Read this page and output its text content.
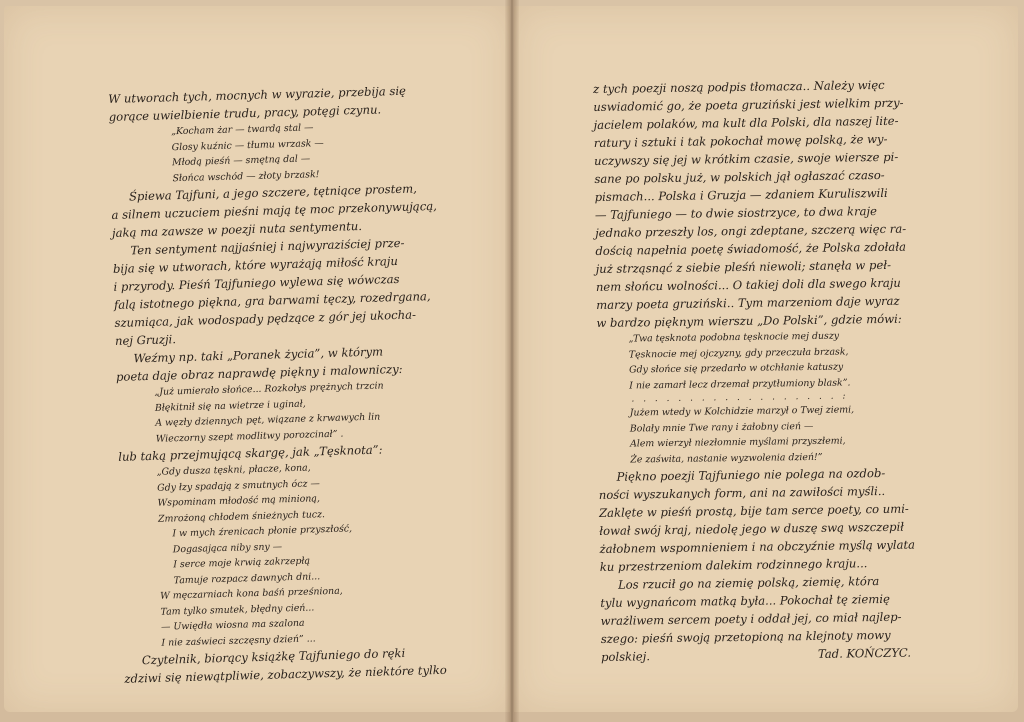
W utworach tych, mocnych w wyrazie, przebija się
gorące uwielbienie trudu, pracy, potęgi czynu.
„Kocham żar — twardą stal —
Glosy kuźnic — tłumu wrzask —
Młodą pieśń — smętną dal —
Słońca wschód — złoty brzask!
Śpiewa Tajfuni, a jego szczere, tętniące prostem,
a silnem uczuciem pieśni mają tę moc przekonywującą,
jaką ma zawsze w poezji nuta sentymentu.
Ten sentyment najjaśniej i najwyraziściej prze-
bija się w utworach, które wyrażają miłość kraju
i przyrody. Pieśń Tajfuniego wylewa się wówczas
falą istotnego piękna, gra barwami tęczy, rozedrgana,
szumiąca, jak wodospady pędzące z gór jej ukocha-
nej Gruzji.
Weźmy np. taki „Poranek życia”, w którym
poeta daje obraz naprawdę piękny i malowniczy:
„Już umierało słońce... Rozkołys prężnych trzcin
Błękitnił się na wietrze i uginał,
A węzły dziennych pęt, wiązane z krwawych lin
Wieczorny szept modlitwy porozcinał” .
lub taką przejmującą skargę, jak „Tęsknota”:
„Gdy dusza tęskni, płacze, kona,
Gdy łzy spadają z smutnych ócz —
Wspominam młodość mą minioną,
Zmrożoną chłodem śnieżnych tucz.
I w mych źrenicach płonie przyszłość,
Dogasająca niby sny —
I serce moje krwią zakrzepłą
Tamuje rozpacz dawnych dni...
W męczarniach kona baśń prześniona,
Tam tylko smutek, błędny cień...
— Uwiędła wiosna ma szalona
I nie zaświeci szczęsny dzień” ...
Czytelnik, biorący książkę Tajfuniego do ręki
zdziwi się niewątpliwie, zobaczywszy, że niektóre tylko
z tych poezji noszą podpis tłomacza.. Należy więc
uswiadomić go, że poeta gruziński jest wielkim przy-
jacielem polaków, ma kult dla Polski, dla naszej lite-
ratury i sztuki i tak pokochał mowę polską, że wy-
uczywszy się jej w krótkim czasie, swoje wiersze pi-
sane po polsku już, w polskich jął ogłaszać czaso-
pismach... Polska i Gruzja — zdaniem Kuruliszwili
— Tajfuniego — to dwie siostrzyce, to dwa kraje
jednako przeszły los, ongi zdeptane, szczerą więc ra-
dością napełnia poetę świadomość, że Polska zdołała
już strząsnąć z siebie pleśń niewoli; stanęła w peł-
nem słońcu wolności... O takiej doli dla swego kraju
marzy poeta gruziński.. Tym marzeniom daje wyraz
w bardzo pięknym wierszu „Do Polski”, gdzie mówi:
„Twa tęsknota podobna tęsknocie mej duszy
Tęsknocie mej ojczyzny, gdy przeczuła brzask,
Gdy słońce się przedarło w otchłanie katuszy
I nie zamarł lecz drzemał przytłumiony blask”.
. . . . . . . . . . . . . . . . . . :
Jużem wtedy w Kolchidzie marzył o Twej ziemi,
Bolały mnie Twe rany i żałobny cień —
Alem wierzył niezłomnie myślami przyszłemi,
Że zaświta, nastanie wyzwolenia dzień!”
Piękno poezji Tajfuniego nie polega na ozdob-
ności wyszukanych form, ani na zawiłości myśli..
Zaklęte w pieśń prostą, bije tam serce poety, co umi-
łował swój kraj, niedolę jego w duszę swą wszczepił
żałobnem wspomnieniem i na obczyźnie myślą wylata
ku przestrzeniom dalekim rodzinnego kraju...
Los rzucił go na ziemię polską, ziemię, która
tylu wygnańcom matką była... Pokochał tę ziemię
wrażliwem sercem poety i oddał jej, co miał najlep-
szego: pieśń swoją przetopioną na klejnoty mowy
polskiej.	Tad. KOŃCZYC.
